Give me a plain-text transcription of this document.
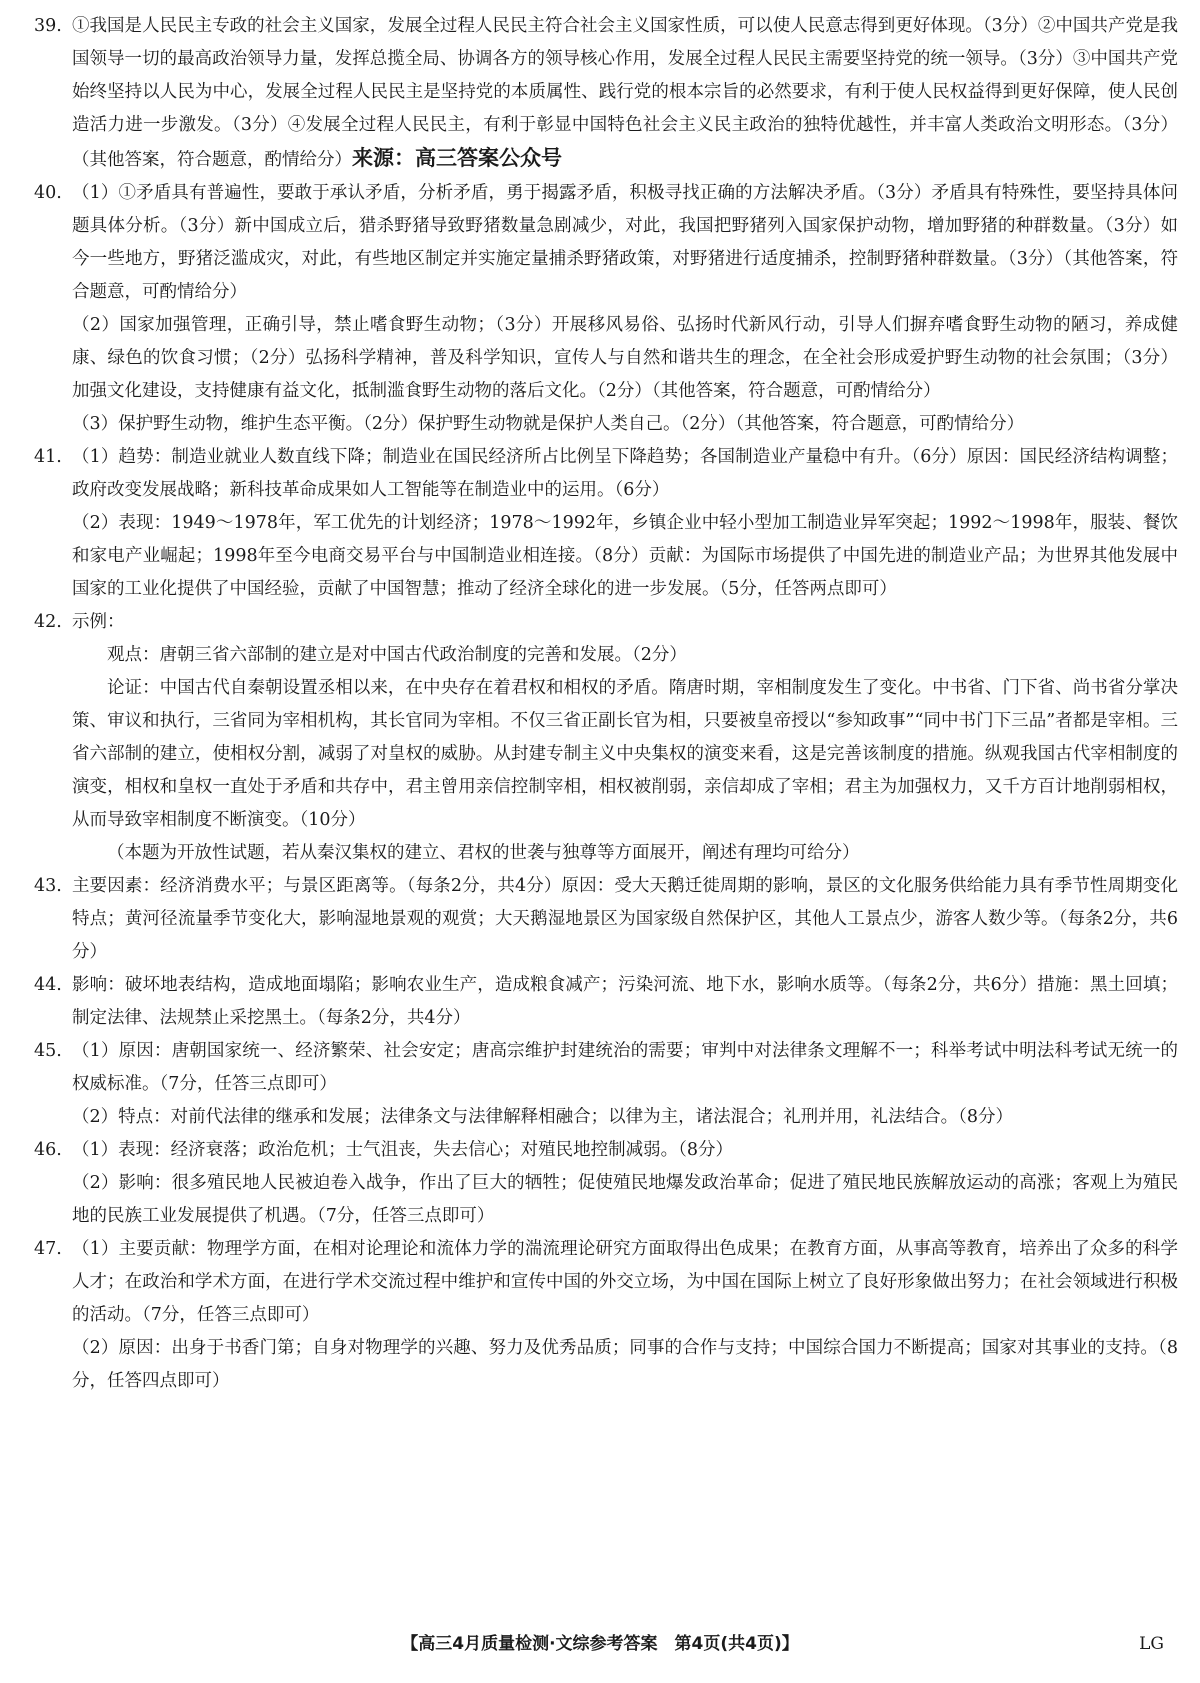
39. ①我国是人民民主专政的社会主义国家，发展全过程人民民主符合社会主义国家性质，可以使人民意志得到更好体现。（3分）②中国共产党是我国领导一切的最高政治领导力量，发挥总揽全局、协调各方的领导核心作用，发展全过程人民民主需要坚持党的统一领导。（3分）③中国共产党始终坚持以人民为中心，发展全过程人民民主是坚持党的本质属性、践行党的根本宗旨的必然要求，有利于使人民权益得到更好保障，使人民创造活力进一步激发。（3分）④发展全过程人民民主，有利于彰显中国特色社会主义民主政治的独特优越性，并丰富人类政治文明形态。（3分）（其他答案，符合题意，酌情给分）来源：高三答案公众号

40. （1）①矛盾具有普遍性，要敢于承认矛盾，分析矛盾，勇于揭露矛盾，积极寻找正确的方法解决矛盾。（3分）矛盾具有特殊性，要坚持具体问题具体分析。（3分）新中国成立后，猎杀野猪导致野猪数量急剧减少，对此，我国把野猪列入国家保护动物，增加野猪的种群数量。（3分）如今一些地方，野猪泛滥成灾，对此，有些地区制定并实施定量捕杀野猪政策，对野猪进行适度捕杀，控制野猪种群数量。（3分）（其他答案，符合题意，可酌情给分）

（2）国家加强管理，正确引导，禁止嗜食野生动物；（3分）开展移风易俗、弘扬时代新风行动，引导人们摒弃嗜食野生动物的陋习，养成健康、绿色的饮食习惯；（2分）弘扬科学精神，普及科学知识，宣传人与自然和谐共生的理念，在全社会形成爱护野生动物的社会氛围；（3分）加强文化建设，支持健康有益文化，抵制滥食野生动物的落后文化。（2分）（其他答案，符合题意，可酌情给分）

（3）保护野生动物，维护生态平衡。（2分）保护野生动物就是保护人类自己。（2分）（其他答案，符合题意，可酌情给分）

41. （1）趋势：制造业就业人数直线下降；制造业在国民经济所占比例呈下降趋势；各国制造业产量稳中有升。（6分）原因：国民经济结构调整；政府改变发展战略；新科技革命成果如人工智能等在制造业中的运用。（6分）

（2）表现：1949～1978年，军工优先的计划经济；1978～1992年，乡镇企业中轻小型加工制造业异军突起；1992～1998年，服装、餐饮和家电产业崛起；1998年至今电商交易平台与中国制造业相连接。（8分）贡献：为国际市场提供了中国先进的制造业产品；为世界其他发展中国家的工业化提供了中国经验，贡献了中国智慧；推动了经济全球化的进一步发展。（5分，任答两点即可）

42. 示例：

观点：唐朝三省六部制的建立是对中国古代政治制度的完善和发展。（2分）

论证：中国古代自秦朝设置丞相以来，在中央存在着君权和相权的矛盾。隋唐时期，宰相制度发生了变化。中书省、门下省、尚书省分掌决策、审议和执行，三省同为宰相机构，其长官同为宰相。不仅三省正副长官为相，只要被皇帝授以“参知政事”“同中书门下三品”者都是宰相。三省六部制的建立，使相权分割，减弱了对皇权的威胁。从封建专制主义中央集权的演变来看，这是完善该制度的措施。纵观我国古代宰相制度的演变，相权和皇权一直处于矛盾和共存中，君主曾用亲信控制宰相，相权被削弱，亲信却成了宰相；君主为加强权力，又千方百计地削弱相权，从而导致宰相制度不断演变。（10分）

（本题为开放性试题，若从秦汉集权的建立、君权的世袭与独尊等方面展开，阐述有理均可给分）

43. 主要因素：经济消费水平；与景区距离等。（每条2分，共4分）原因：受大天鹅迁徙周期的影响，景区的文化服务供给能力具有季节性周期变化特点；黄河径流量季节变化大，影响湿地景观的观赏；大天鹅湿地景区为国家级自然保护区，其他人工景点少，游客人数少等。（每条2分，共6分）

44. 影响：破坏地表结构，造成地面塌陷；影响农业生产，造成粮食减产；污染河流、地下水，影响水质等。（每条2分，共6分）措施：黑土回填；制定法律、法规禁止采挖黑土。（每条2分，共4分）

45. （1）原因：唐朝国家统一、经济繁荣、社会安定；唐高宗维护封建统治的需要；审判中对法律条文理解不一；科举考试中明法科考试无统一的权威标准。（7分，任答三点即可）

（2）特点：对前代法律的继承和发展；法律条文与法律解释相融合；以律为主，诸法混合；礼刑并用，礼法结合。（8分）

46. （1）表现：经济衰落；政治危机；士气沮丧，失去信心；对殖民地控制减弱。（8分）

（2）影响：很多殖民地人民被迫卷入战争，作出了巨大的牺牲；促使殖民地爆发政治革命；促进了殖民地民族解放运动的高涨；客观上为殖民地的民族工业发展提供了机遇。（7分，任答三点即可）

47. （1）主要贡献：物理学方面，在相对论理论和流体力学的湍流理论研究方面取得出色成果；在教育方面，从事高等教育，培养出了众多的科学人才；在政治和学术方面，在进行学术交流过程中维护和宣传中国的外交立场，为中国在国际上树立了良好形象做出努力；在社会领域进行积极的活动。（7分，任答三点即可）

（2）原因：出身于书香门第；自身对物理学的兴趣、努力及优秀品质；同事的合作与支持；中国综合国力不断提高；国家对其事业的支持。（8分，任答四点即可）

【高三4月质量检测·文综参考答案　第4页(共4页)】	LG
